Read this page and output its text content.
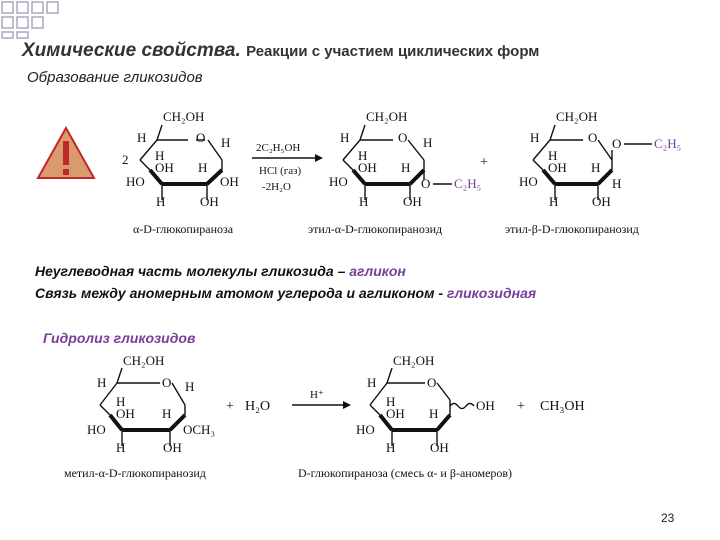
Химические свойства. Реакции с участием циклических форм
Образование гликозидов
CH₂OH
O
H	H
2 H
OH H
OH
HO
H	OH
2C₂H₅OH
HCl (газ)
-2H₂O
CH₂OH
O
H	H
H
OH H
O C₂H₅
HO
H	OH
+
CH₂OH
O
H	O	C₂H₅
H
OH H
H
HO
H	OH
α-D-глюкопираноза	этил-α-D-глюкопиранозид	этил-β-D-глюкопиранозид
CH₂OH
O
H	H
H
OH H
OCH₃
HO
H	OH
+ H₂O
H⁺
CH₂OH
O
H
H
OH H
OH
HO
H	OH
+ CH₃OH
метил-α-D-глюкопиранозид	D-глюкопираноза (смесь α- и β-аномеров)
Неуглеводная часть молекулы гликозида – агликон
Связь между аномерным атомом углерода и агликоном - гликозидная
Гидролиз гликозидов
23
